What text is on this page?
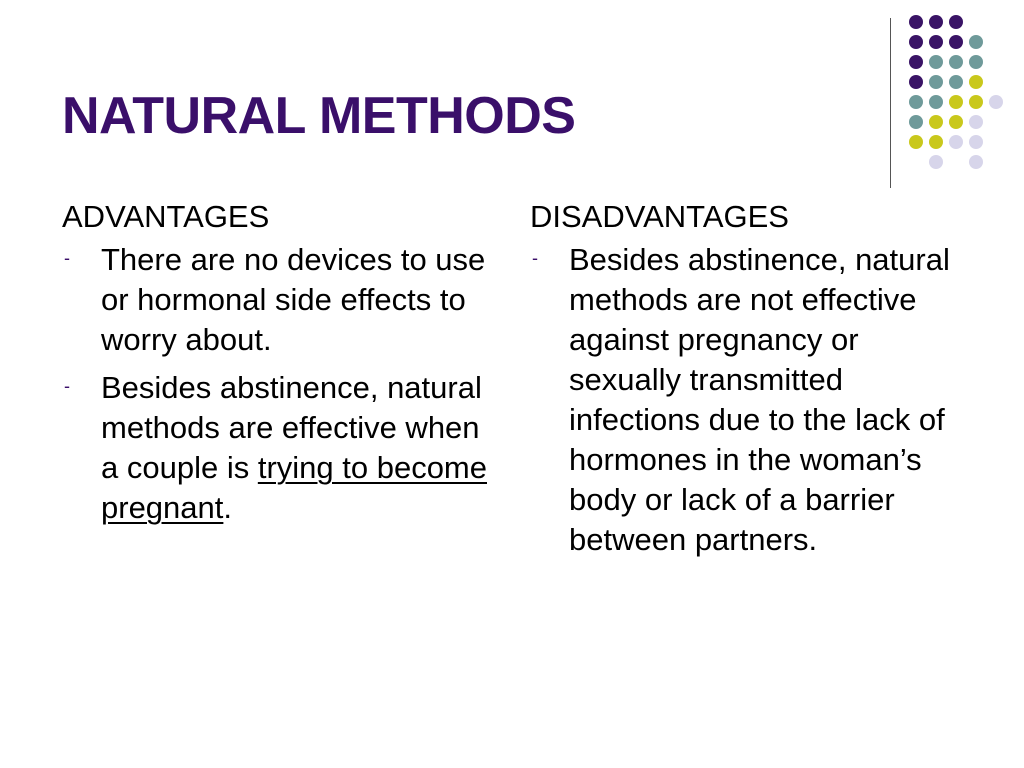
NATURAL METHODS
ADVANTAGES
- There are no devices to use or hormonal side effects to worry about.
- Besides abstinence, natural methods are effective when a couple is trying to become pregnant.
DISADVANTAGES
- Besides abstinence, natural methods are not effective against pregnancy or sexually transmitted infections due to the lack of hormones in the woman’s body or lack of a barrier between partners.
